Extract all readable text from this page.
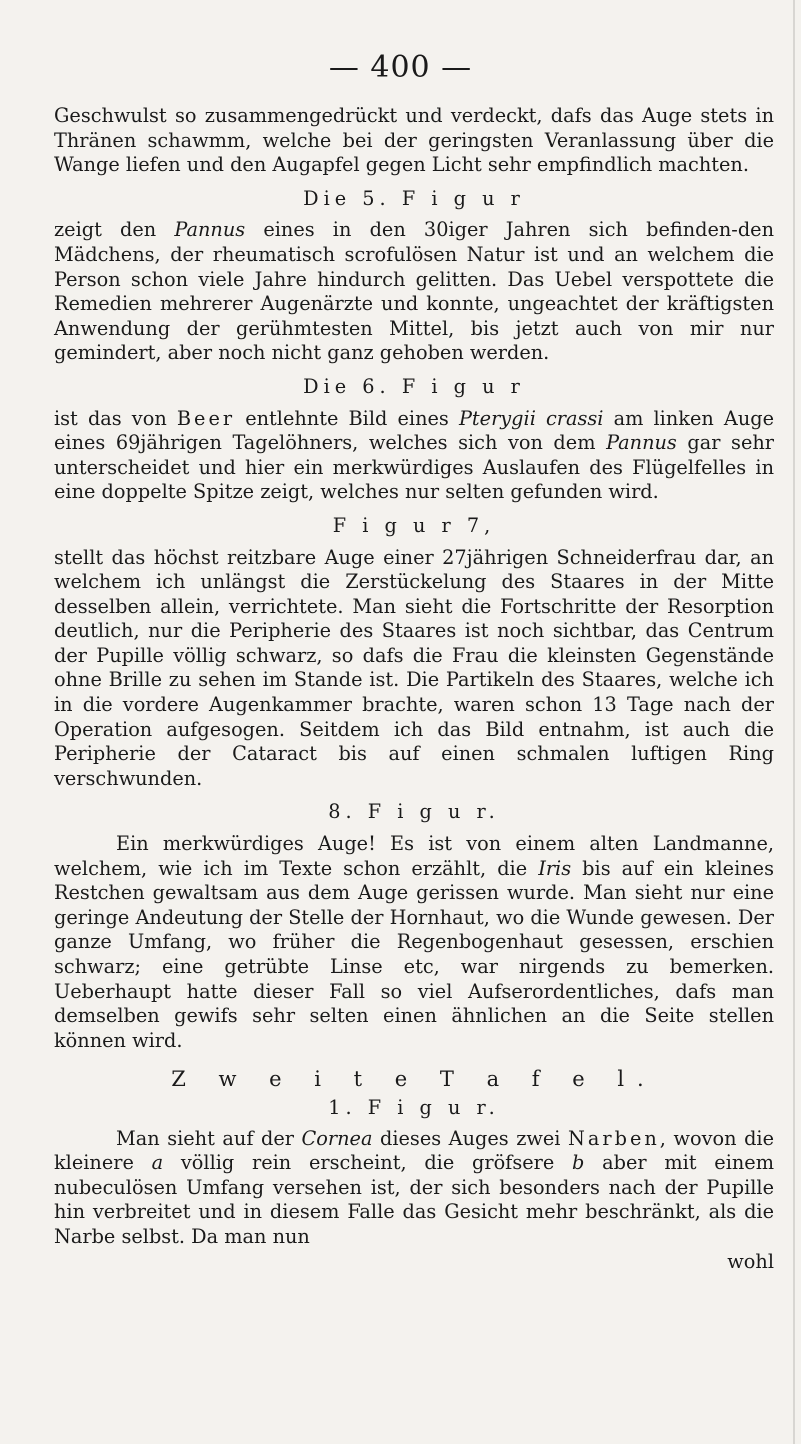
— 400 —

Geschwulst so zusammengedrückt und verdeckt, dafs das Auge stets in Thränen schawmm, welche bei der geringsten Veranlassung über die Wange liefen und den Augapfel gegen Licht sehr empfindlich machten.

Die 5. F i g u r

zeigt den Pannus eines in den 30iger Jahren sich befinden-den Mädchens, der rheumatisch scrofulösen Natur ist und an welchem die Person schon viele Jahre hindurch gelitten. Das Uebel verspottete die Remedien mehrerer Augenärzte und konnte, ungeachtet der kräftigsten Anwendung der gerühmtesten Mittel, bis jetzt auch von mir nur gemindert, aber noch nicht ganz gehoben werden.

Die 6. F i g u r

ist das von Beer entlehnte Bild eines Pterygii crassi am linken Auge eines 69jährigen Tagelöhners, welches sich von dem Pannus gar sehr unterscheidet und hier ein merkwürdiges Auslaufen des Flügelfelles in eine doppelte Spitze zeigt, welches nur selten gefunden wird.

F i g u r 7,

stellt das höchst reitzbare Auge einer 27jährigen Schneiderfrau dar, an welchem ich unlängst die Zerstückelung des Staares in der Mitte desselben allein, verrichtete. Man sieht die Fortschritte der Resorption deutlich, nur die Peripherie des Staares ist noch sichtbar, das Centrum der Pupille völlig schwarz, so dafs die Frau die kleinsten Gegenstände ohne Brille zu sehen im Stande ist. Die Partikeln des Staares, welche ich in die vordere Augenkammer brachte, waren schon 13 Tage nach der Operation aufgesogen. Seitdem ich das Bild entnahm, ist auch die Peripherie der Cataract bis auf einen schmalen luftigen Ring verschwunden.

8. F i g u r.

Ein merkwürdiges Auge! Es ist von einem alten Landmanne, welchem, wie ich im Texte schon erzählt, die Iris bis auf ein kleines Restchen gewaltsam aus dem Auge gerissen wurde. Man sieht nur eine geringe Andeutung der Stelle der Hornhaut, wo die Wunde gewesen. Der ganze Umfang, wo früher die Regenbogenhaut gesessen, erschien schwarz; eine getrübte Linse etc, war nirgends zu bemerken. Ueberhaupt hatte dieser Fall so viel Aufserordentliches, dafs man demselben gewifs sehr selten einen ähnlichen an die Seite stellen können wird.

Z w e i t e T a f e l.
1. F i g u r.

Man sieht auf der Cornea dieses Auges zwei Narben, wovon die kleinere a völlig rein erscheint, die gröfsere b aber mit einem nubeculösen Umfang versehen ist, der sich besonders nach der Pupille hin verbreitet und in diesem Falle das Gesicht mehr beschränkt, als die Narbe selbst. Da man nun

wohl
